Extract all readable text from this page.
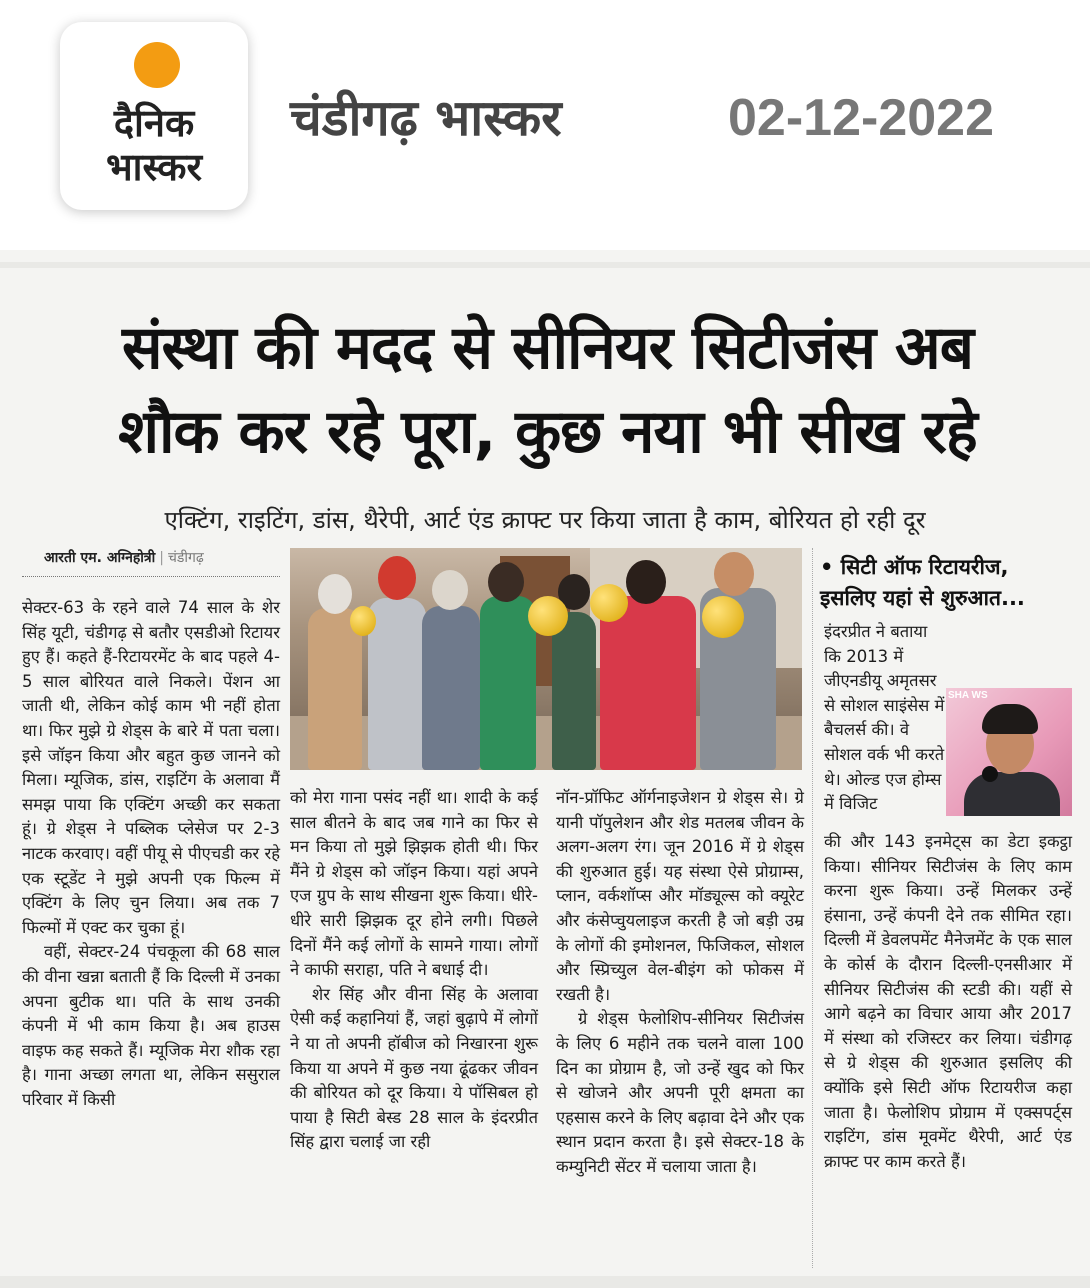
दैनिक
भास्कर
चंडीगढ़ भास्कर	02-12-2022
संस्था की मदद से सीनियर सिटीजंस अब
शौक कर रहे पूरा, कुछ नया भी सीख रहे
एक्टिंग, राइटिंग, डांस, थैरेपी, आर्ट एंड क्राफ्ट पर किया जाता है काम, बोरियत हो रही दूर
आरती एम. अग्निहोत्री | चंडीगढ़

सेक्टर-63 के रहने वाले 74 साल के शेर सिंह यूटी, चंडीगढ़ से बतौर एसडीओ रिटायर हुए हैं। कहते हैं-रिटायरमेंट के बाद पहले 4-5 साल बोरियत वाले निकले। पेंशन आ जाती थी, लेकिन कोई काम भी नहीं होता था। फिर मुझे ग्रे शेड्स के बारे में पता चला। इसे जॉइन किया और बहुत कुछ जानने को मिला। म्यूजिक, डांस, राइटिंग के अलावा मैं समझ पाया कि एक्टिंग अच्छी कर सकता हूं। ग्रे शेड्स ने पब्लिक प्लेसेज पर 2-3 नाटक करवाए। वहीं पीयू से पीएचडी कर रहे एक स्टूडेंट ने मुझे अपनी एक फिल्म में एक्टिंग के लिए चुन लिया। अब तक 7 फिल्मों में एक्ट कर चुका हूं।

वहीं, सेक्टर-24 पंचकूला की 68 साल की वीना खन्ना बताती हैं कि दिल्ली में उनका अपना बुटीक था। पति के साथ उनकी कंपनी में भी काम किया है। अब हाउस वाइफ कह सकते हैं। म्यूजिक मेरा शौक रहा है। गाना अच्छा लगता था, लेकिन ससुराल परिवार में किसी

को मेरा गाना पसंद नहीं था। शादी के कई साल बीतने के बाद जब गाने का फिर से मन किया तो मुझे झिझक होती थी। फिर मैंने ग्रे शेड्स को जॉइन किया। यहां अपने एज ग्रुप के साथ सीखना शुरू किया। धीरे-धीरे सारी झिझक दूर होने लगी। पिछले दिनों मैंने कई लोगों के सामने गाया। लोगों ने काफी सराहा, पति ने बधाई दी।

शेर सिंह और वीना सिंह के अलावा ऐसी कई कहानियां हैं, जहां बुढ़ापे में लोगों ने या तो अपनी हॉबीज को निखारना शुरू किया या अपने में कुछ नया ढूंढकर जीवन की बोरियत को दूर किया। ये पॉसिबल हो पाया है सिटी बेस्ड 28 साल के इंदरप्रीत सिंह द्वारा चलाई जा रही

नॉन-प्रॉफिट ऑर्गनाइजेशन ग्रे शेड्स से। ग्रे यानी पॉपुलेशन और शेड मतलब जीवन के अलग-अलग रंग। जून 2016 में ग्रे शेड्स की शुरुआत हुई। यह संस्था ऐसे प्रोग्राम्स, प्लान, वर्कशॉप्स और मॉड्यूल्स को क्यूरेट और कंसेप्चुयलाइज करती है जो बड़ी उम्र के लोगों की इमोशनल, फिजिकल, सोशल और स्प्रिच्युल वेल-बीइंग को फोकस में रखती है।

ग्रे शेड्स फेलोशिप-सीनियर सिटीजंस के लिए 6 महीने तक चलने वाला 100 दिन का प्रोग्राम है, जो उन्हें खुद को फिर से खोजने और अपनी पूरी क्षमता का एहसास करने के लिए बढ़ावा देने और एक स्थान प्रदान करता है। इसे सेक्टर-18 के कम्युनिटी सेंटर में चलाया जाता है।

• सिटी ऑफ रिटायरीज, इसलिए यहां से शुरुआत...
इंदरप्रीत ने बताया कि 2013 में जीएनडीयू अमृतसर से सोशल साइंसेस में बैचलर्स की। वे सोशल वर्क भी करते थे। ओल्ड एज होम्स में विजिट
SHA WS
की और 143 इनमेट्स का डेटा इकट्ठा किया। सीनियर सिटीजंस के लिए काम करना शुरू किया। उन्हें मिलकर उन्हें हंसाना, उन्हें कंपनी देने तक सीमित रहा। दिल्ली में डेवलपमेंट मैनेजमेंट के एक साल के कोर्स के दौरान दिल्ली-एनसीआर में सीनियर सिटीजंस की स्टडी की। यहीं से आगे बढ़ने का विचार आया और 2017 में संस्था को रजिस्टर कर लिया। चंडीगढ़ से ग्रे शेड्स की शुरुआत इसलिए की क्योंकि इसे सिटी ऑफ रिटायरीज कहा जाता है। फेलोशिप प्रोग्राम में एक्सपर्ट्स राइटिंग, डांस मूवमेंट थैरेपी, आर्ट एंड क्राफ्ट पर काम करते हैं।
